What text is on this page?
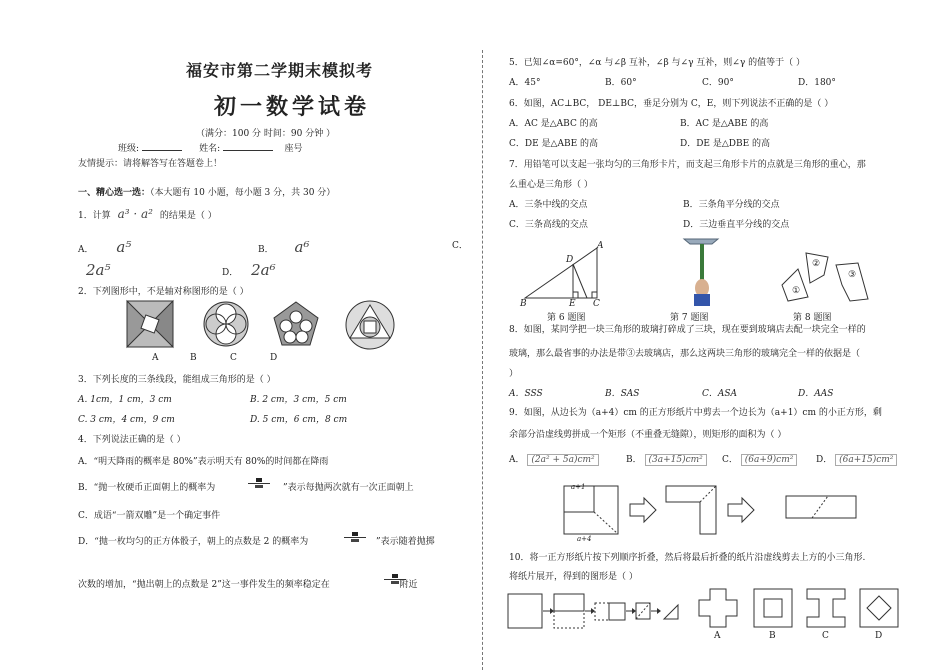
福安市第二学期末模拟考
初一数学试卷
（满分：100 分 时间：90 分钟 ）
班级:	姓名:	座号
友情提示：请将解答写在答题卷上！
一、精心选一选：（本大题有 10 小题，每小题 3 分，共 30 分）
1．计算 a³ · a² 的结果是（ ）
A． a⁵	B． a⁶	C．
2a⁵	D． 2a⁶
2．下列图形中，不是轴对称图形的是（ ）
A	B	C	D
3．下列长度的三条线段，能组成三角形的是（ ）
A. 1cm，1 cm，3 cm	B. 2 cm，3 cm，5 cm
C. 3 cm，4 cm，9 cm	D. 5 cm，6 cm，8 cm
4．下列说法正确的是（ ）
A．“明天降雨的概率是 80%”表示明天有 80%的时间都在降雨
B．“抛一枚硬币正面朝上的概率为	”表示每抛两次就有一次正面朝上
C．成语“一箭双雕”是一个确定事件
D．“抛一枚均匀的正方体骰子，朝上的点数是 2 的概率为	”表示随着抛掷
次数的增加，“抛出朝上的点数是 2”这一事件发生的频率稳定在	附近
5．已知∠α=60°，∠α 与∠β 互补，∠β 与∠γ 互补，则∠γ 的值等于（ ）
A．45°	B．60°	C．90°	D．180°
6．如图，AC⊥BC， DE⊥BC，垂足分别为 C，E，则下列说法不正确的是（ ）
A．AC 是△ABC 的高	B．AC 是△ABE 的高
C．DE 是△ABE 的高	D．DE 是△DBE 的高
7．用铅笔可以支起一张均匀的三角形卡片，而支起三角形卡片的点就是三角形的重心，那
么重心是三角形（ ）
A．三条中线的交点	B．三条角平分线的交点
C．三条高线的交点	D．三边垂直平分线的交点
A
D
B	E C
①
②
③
第 6 题图	第 7 题图	第 8 题图
8．如图，某同学把一块三角形的玻璃打碎成了三块，现在要到玻璃店去配一块完全一样的
玻璃，那么最省事的办法是带③去玻璃店，那么这两块三角形的玻璃完全一样的依据是（
）
A．SSS	B．SAS	C．ASA	D．AAS
9．如图，从边长为（a+4）cm 的正方形纸片中剪去一个边长为（a+1）cm 的小正方形，剩
余部分沿虚线剪拼成一个矩形（不重叠无缝隙），则矩形的面积为（ ）
A． (2a² + 5a)cm²	B． (3a+15)cm²	C． (6a+9)cm²	D． (6a+15)cm²
a+1
a+4
10．将一正方形纸片按下列顺序折叠，然后将最后折叠的纸片沿虚线剪去上方的小三角形.
将纸片展开，得到的图形是（ ）
A	B	C	D
